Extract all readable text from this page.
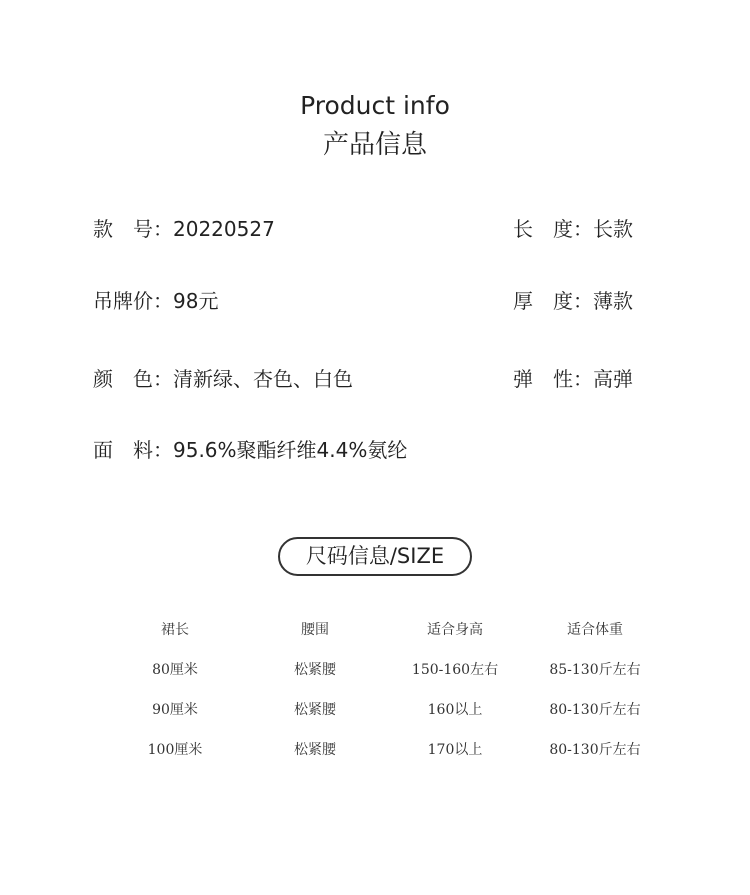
Product info
产品信息
款　号：20220527
吊牌价：98元
颜　色：清新绿、杏色、白色
面　料：95.6%聚酯纤维4.4%氨纶
长　度：长款
厚　度：薄款
弹　性：高弹
尺码信息/SIZE
裙长	腰围	适合身高	适合体重
80厘米	松紧腰	150-160左右	85-130斤左右
90厘米	松紧腰	160以上	80-130斤左右
100厘米	松紧腰	170以上	80-130斤左右
